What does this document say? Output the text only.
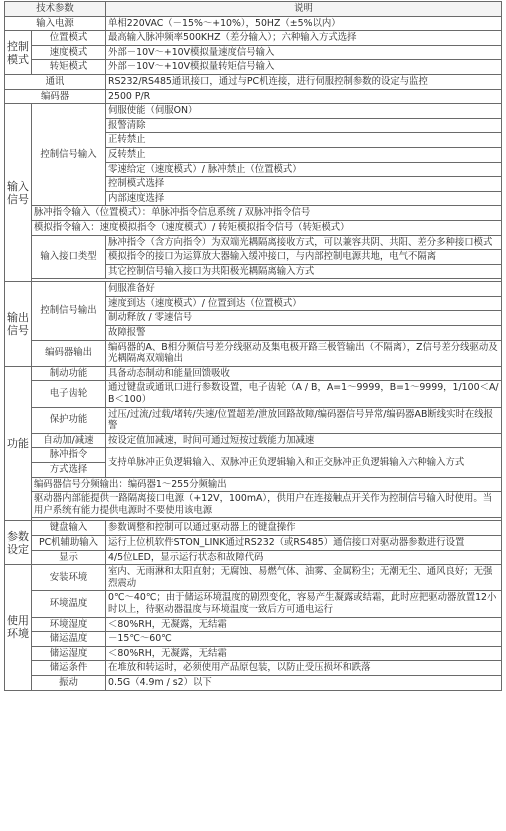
技术参数		说明
输入电源		单相220VAC（－15%～+10%），50HZ（±5%以内）
控制模式	位置模式	最高输入脉冲频率500KHZ（差分输入）；六种输入方式选择
	速度模式	外部－10V～+10V模拟量速度信号输入
	转矩模式	外部－10V～+10V模拟量转矩信号输入
通讯		RS232/RS485通讯接口，通过与PC机连接，进行伺服控制参数的设定与监控
编码器		2500 P/R
输入信号	控制信号输入	伺服使能（伺服ON）
		报警清除
		正转禁止
		反转禁止
		零速给定（速度模式）/ 脉冲禁止（位置模式）
		控制模式选择
		内部速度选择
	脉冲指令输入（位置模式）：单脉冲指令信息系统 / 双脉冲指令信号	
	模拟指令输入：速度模拟指令（速度模式）/ 转矩模拟指令信号（转矩模式）	
	输入接口类型	脉冲指令（含方向指令）为双端光耦隔离接收方式，可以兼容共阴、共阳、差分多种接口模式
		模拟指令的接口为运算放大器输入缓冲接口，与内部控制电源共地，电气不隔离
		其它控制信号输入接口为共阳极光耦隔离输入方式

输出信号	控制信号输出	伺服准备好
		速度到达（速度模式）/ 位置到达（位置模式）
		制动释放 / 零速信号
		故障报警
	编码器输出	编码器的A、B相分频信号差分线驱动及集电极开路三极管输出（不隔离），Z信号差分线驱动及光耦隔离双端输出
功能	制动功能	具备动态制动和能量回馈吸收
	电子齿轮	通过键盘或通讯口进行参数设置，电子齿轮（A / B，A=1～9999，B=1～9999，1/100＜A/B＜100）
	保护功能	过压/过流/过载/堵转/失速/位置超差/泄放回路故障/编码器信号异常/编码器AB断线实时在线报警
	自动加/减速	按设定值加减速，时间可通过短按过载能力加减速
	脉冲指令	支持单脉冲正负逻辑输入、双脉冲正负逻辑输入和正交脉冲正负逻辑输入六种输入方式
	方式选择	
	编码器信号分频输出：编码器1～255分频输出	
	驱动器内部能提供一路隔离接口电源（+12V，100mA），供用户在连接触点开关作为控制信号输入时使用。当用户系统有能力提供电源时不要使用该电源	

参数设定	键盘输入	参数调整和控制可以通过驱动器上的键盘操作
	PC机辅助输入	运行上位机软件STON_LINK通过RS232（或RS485）通信接口对驱动器参数进行设置
	显示	4/5位LED，显示运行状态和故障代码
使用环境	安装环境	室内、无雨淋和太阳直射；无腐蚀、易燃气体、油雾、金属粉尘；无潮无尘、通风良好；无强烈震动
	环境温度	0℃～40℃；由于储运环境温度的剧烈变化，容易产生凝露或结霜，此时应把驱动器放置12小时以上，待驱动器温度与环境温度一致后方可通电运行
	环境湿度	＜80%RH，无凝露，无结霜
	储运温度	－15℃～60℃
	储运湿度	＜80%RH，无凝露，无结霜
	储运条件	在堆放和转运时，必须使用产品原包装，以防止受压损坏和跌落
	振动	0.5G（4.9m / s2）以下
